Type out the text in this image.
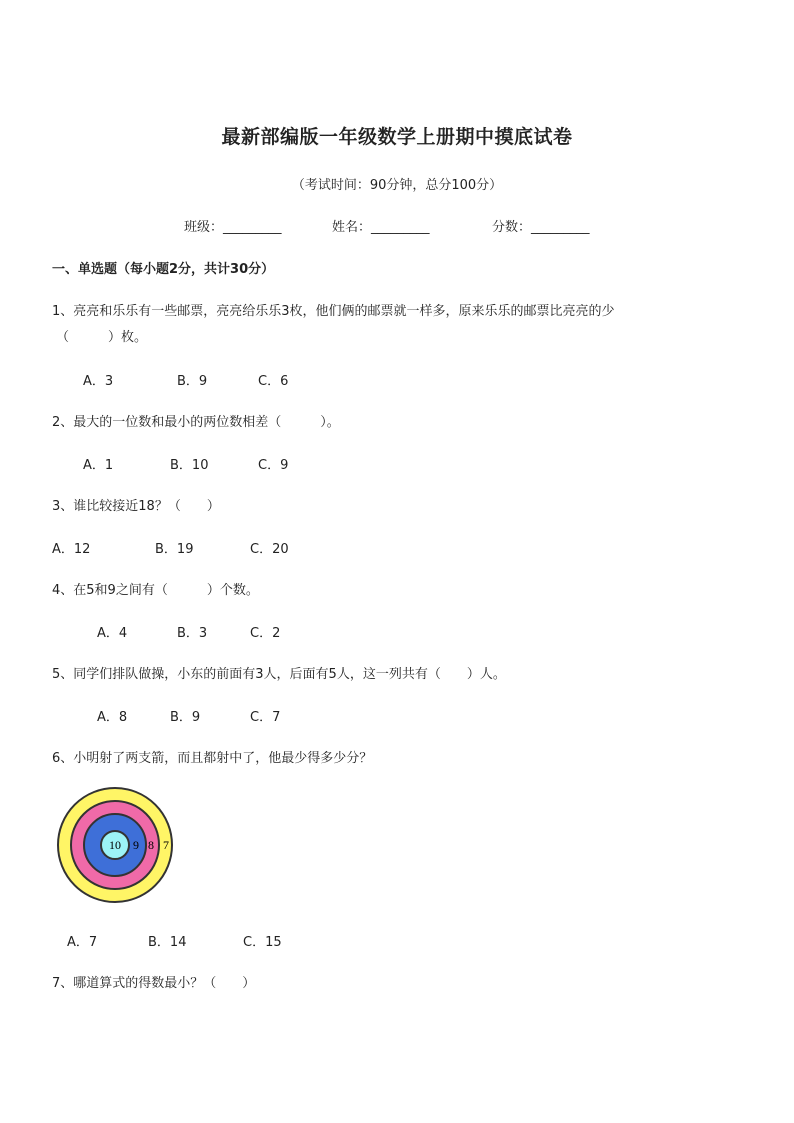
最新部编版一年级数学上册期中摸底试卷
（考试时间：90分钟，总分100分）
班级：_________	姓名：_________	分数：_________
一、单选题（每小题2分，共计30分）
1、亮亮和乐乐有一些邮票，亮亮给乐乐3枚，他们俩的邮票就一样多，原来乐乐的邮票比亮亮的少
（　　　）枚。
A．3	B．9	C．6
2、最大的一位数和最小的两位数相差（　　　）。
A．1	B．10	C．9
3、谁比较接近18？（　　）
A．12	B．19	C．20
4、在5和9之间有（　　　）个数。
A．4	B．3	C．2
5、同学们排队做操，小东的前面有3人，后面有5人，这一列共有（　　）人。
A．8	B．9	C．7
6、小明射了两支箭，而且都射中了，他最少得多少分？
10 9 8 7
A．7	B．14	C．15
7、哪道算式的得数最小？（　　）
